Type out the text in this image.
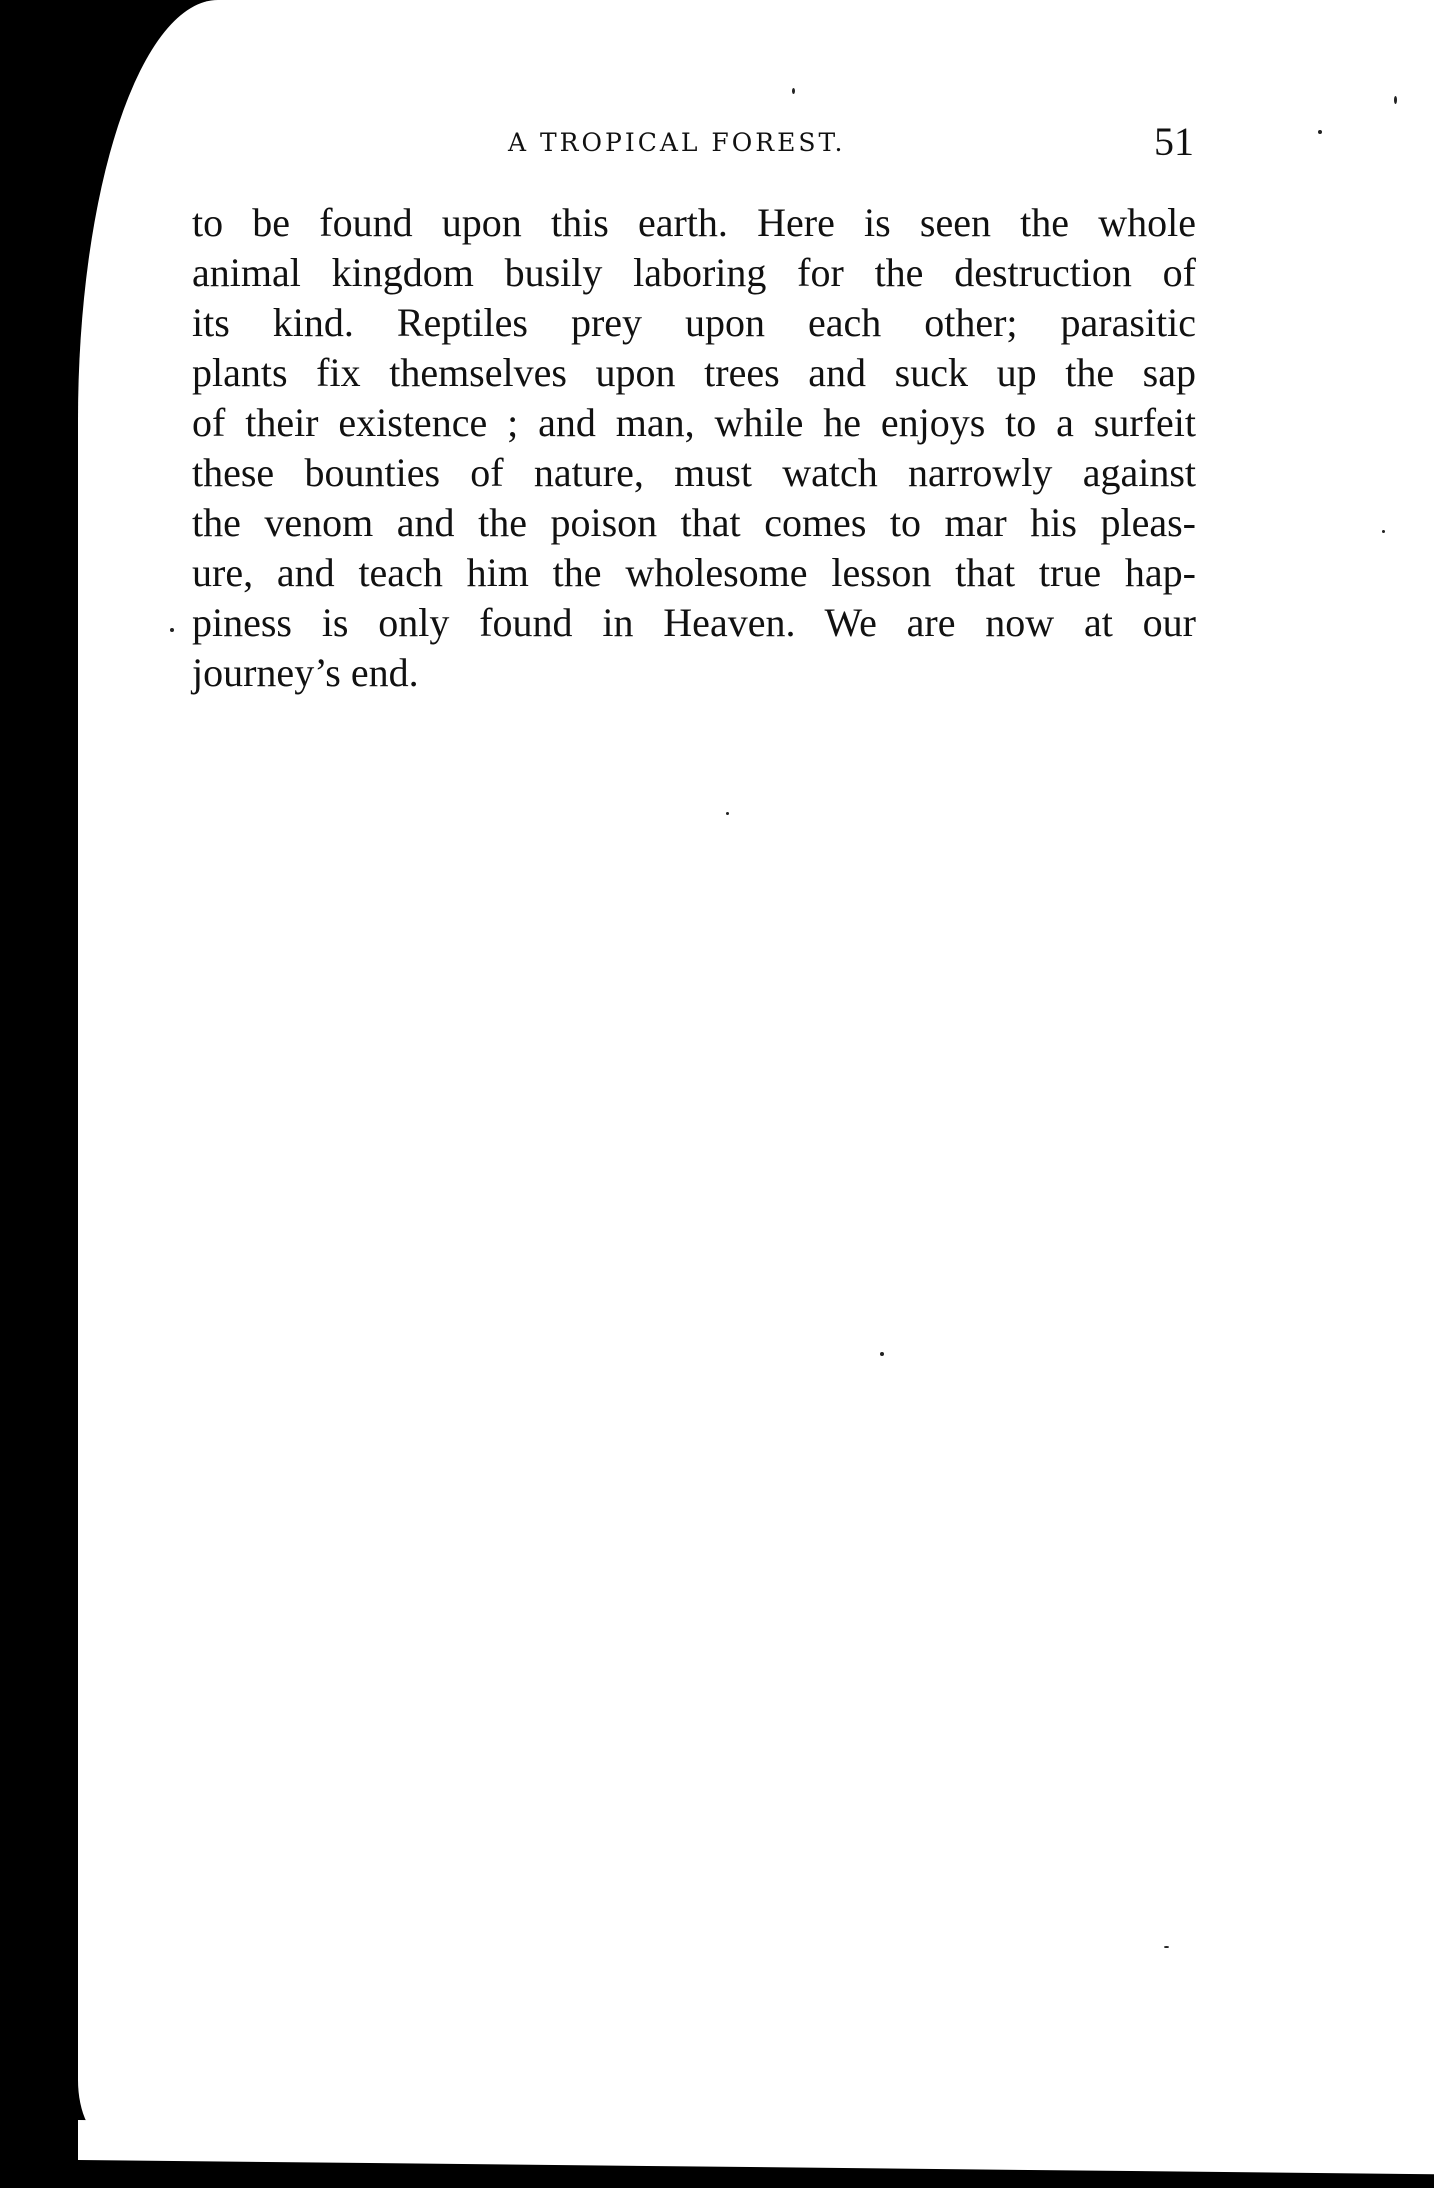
A TROPICAL FOREST.	51
to be found upon this earth. Here is seen the whole
animal kingdom busily laboring for the destruction of
its kind. Reptiles prey upon each other; parasitic
plants fix themselves upon trees and suck up the sap
of their existence ; and man, while he enjoys to a surfeit
these bounties of nature, must watch narrowly against
the venom and the poison that comes to mar his pleas-
ure, and teach him the wholesome lesson that true hap-
piness is only found in Heaven. We are now at our
journey’s end.
